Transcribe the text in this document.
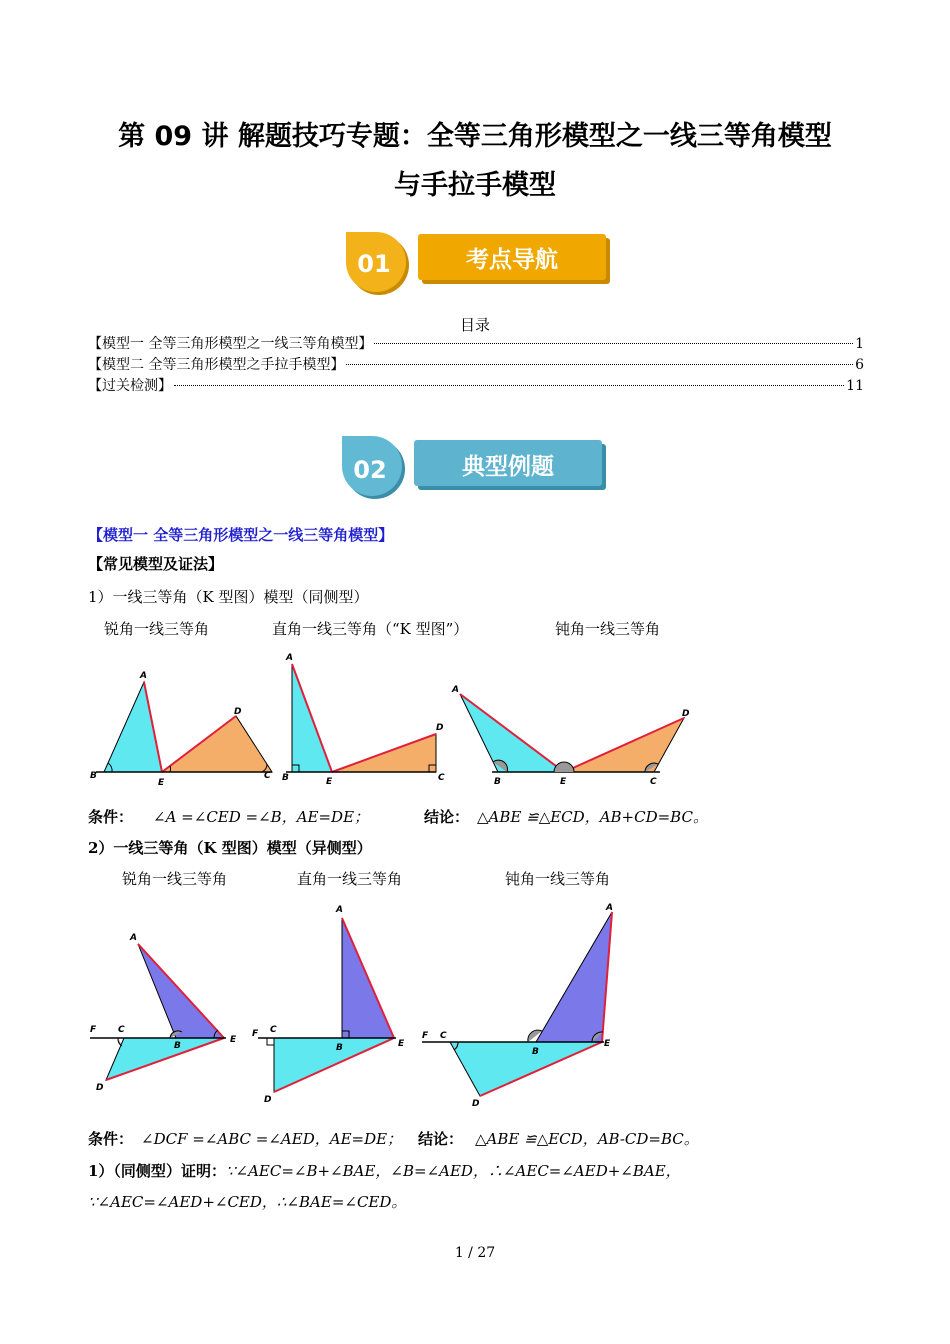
第 09 讲 解题技巧专题：全等三角形模型之一线三等角模型
与手拉手模型
01	考点导航
目录
【模型一 全等三角形模型之一线三等角模型】	1
【模型二 全等三角形模型之手拉手模型】	6
【过关检测】	11
02	典型例题
【模型一 全等三角形模型之一线三等角模型】
【常见模型及证法】
1）一线三等角（K 型图）模型（同侧型）
锐角一线三等角	直角一线三等角（“K 型图”）	钝角一线三等角
A
B
E
D
C
A
B	E
D
C
A
B	E
D
C
条件： ∠A =∠CED =∠B，AE=DE；	结论： △ABE ≌△ECD，AB+CD=BC。
2）一线三等角（K 型图）模型（异侧型）
锐角一线三等角	直角一线三等角	钝角一线三等角
A
F C
B
E
D
A
F C
B	E
D
A
F C
B
E
D
条件： ∠DCF =∠ABC =∠AED，AE=DE； 结论： △ABE ≌△ECD，AB-CD=BC。
1）（同侧型）证明：∵∠AEC=∠B+∠BAE，∠B=∠AED，∴∠AEC=∠AED+∠BAE，
∵∠AEC=∠AED+∠CED，∴∠BAE=∠CED。
1 / 27
